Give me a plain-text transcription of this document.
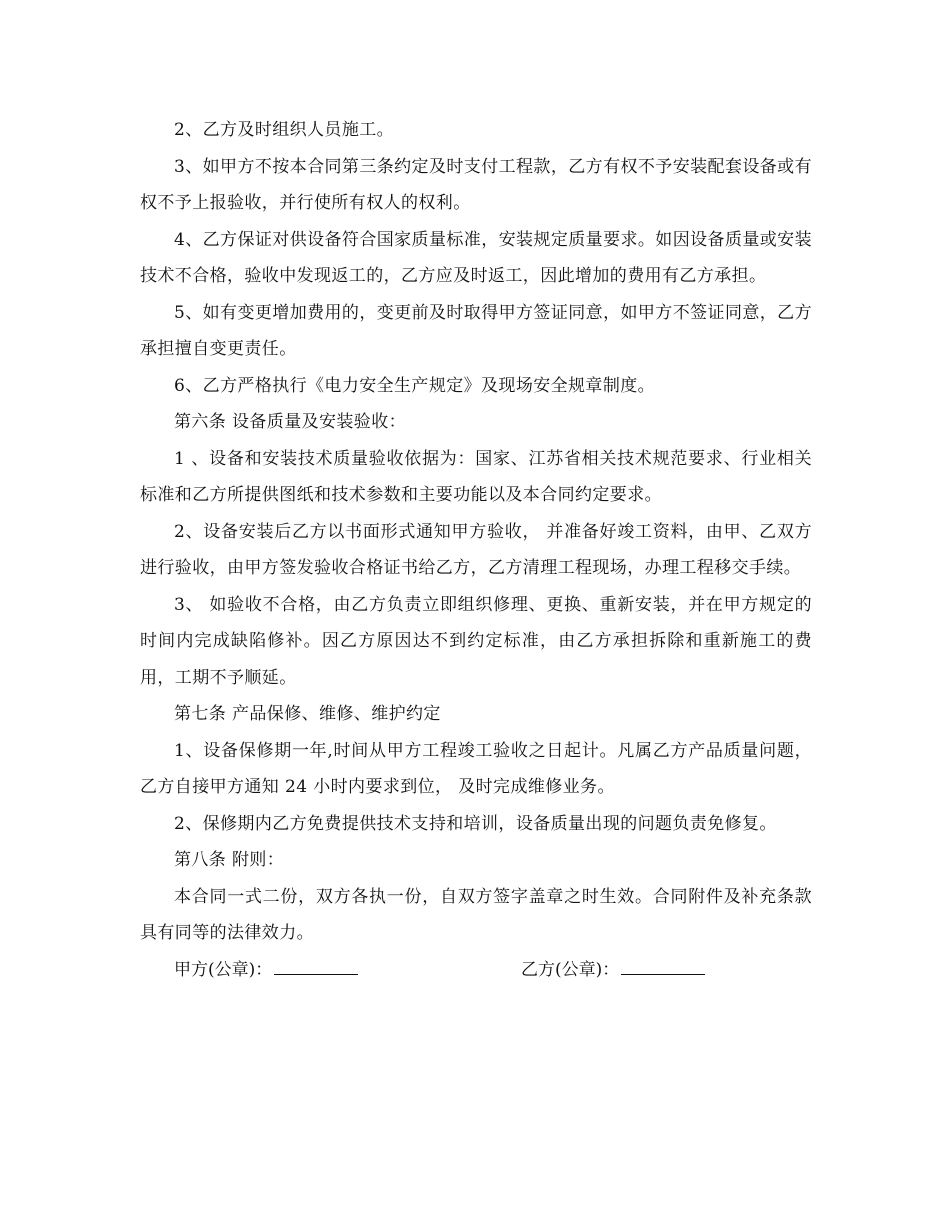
2、乙方及时组织人员施工。

3、如甲方不按本合同第三条约定及时支付工程款，乙方有权不予安装配套设备或有权不予上报验收，并行使所有权人的权利。

4、乙方保证对供设备符合国家质量标准，安装规定质量要求。如因设备质量或安装技术不合格，验收中发现返工的，乙方应及时返工，因此增加的费用有乙方承担。

5、如有变更增加费用的，变更前及时取得甲方签证同意，如甲方不签证同意，乙方承担擅自变更责任。

6、乙方严格执行《电力安全生产规定》及现场安全规章制度。

第六条 设备质量及安装验收：

1 、设备和安装技术质量验收依据为：国家、江苏省相关技术规范要求、行业相关标准和乙方所提供图纸和技术参数和主要功能以及本合同约定要求。

2、设备安装后乙方以书面形式通知甲方验收， 并准备好竣工资料，由甲、乙双方进行验收，由甲方签发验收合格证书给乙方，乙方清理工程现场，办理工程移交手续。

3、 如验收不合格，由乙方负责立即组织修理、更换、重新安装，并在甲方规定的时间内完成缺陷修补。因乙方原因达不到约定标准，由乙方承担拆除和重新施工的费用，工期不予顺延。

第七条 产品保修、维修、维护约定

1、设备保修期一年,时间从甲方工程竣工验收之日起计。凡属乙方产品质量问题，乙方自接甲方通知 24 小时内要求到位， 及时完成维修业务。

2、保修期内乙方免费提供技术支持和培训，设备质量出现的问题负责免修复。

第八条 附则：

本合同一式二份，双方各执一份，自双方签字盖章之时生效。合同附件及补充条款具有同等的法律效力。

甲方(公章)：	乙方(公章)：
